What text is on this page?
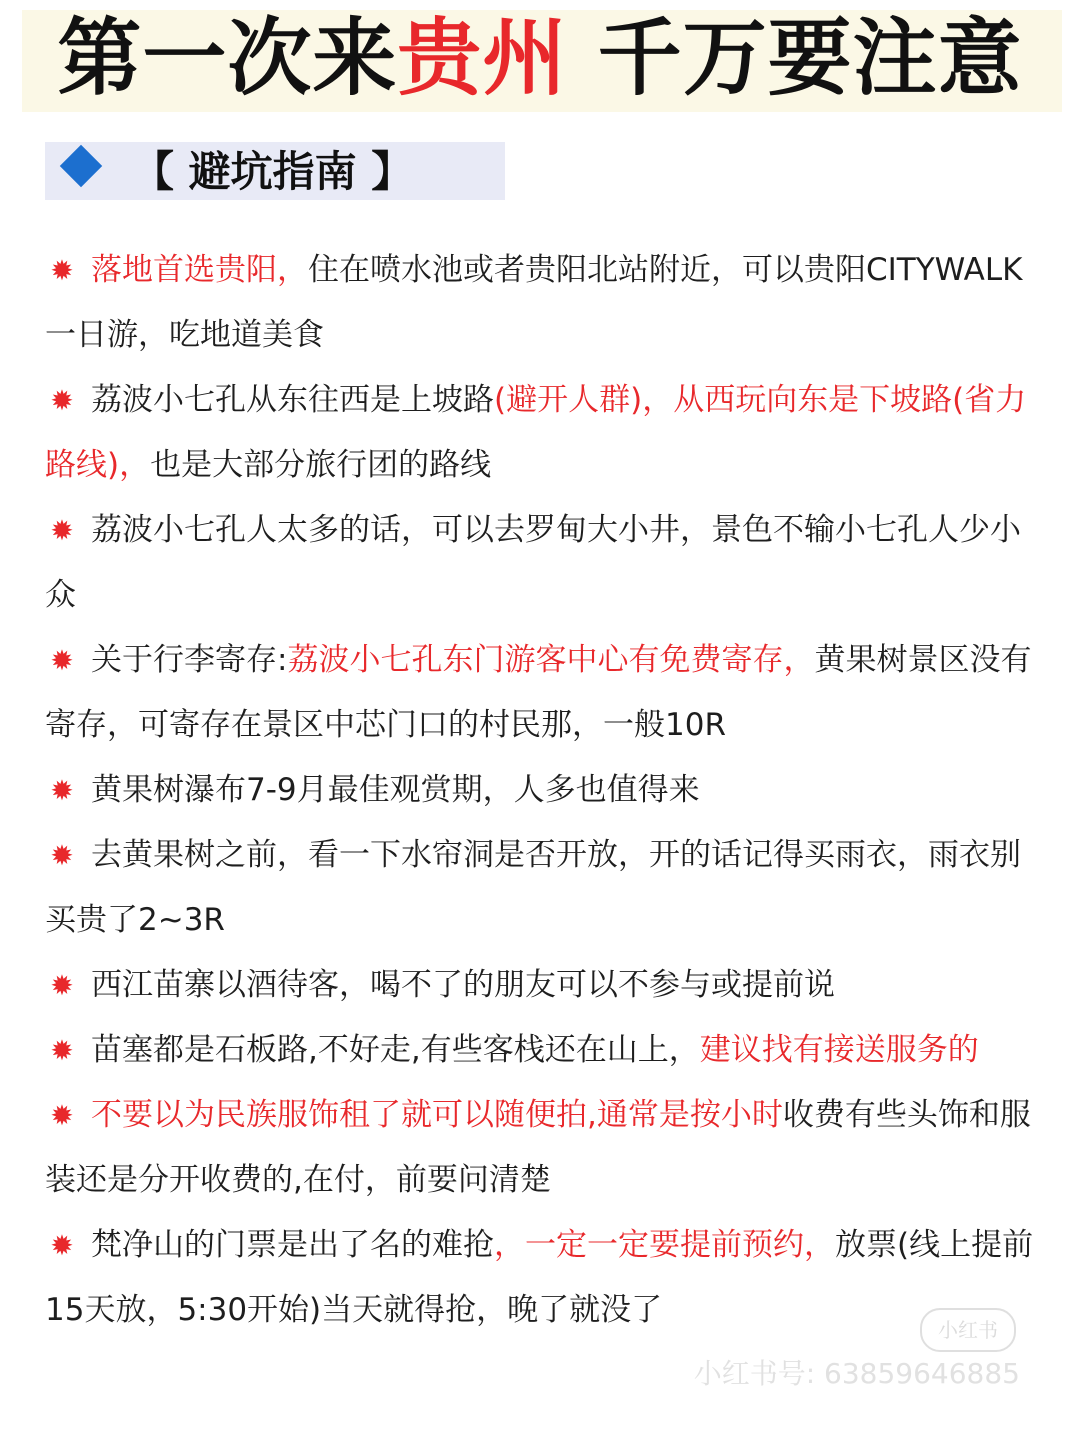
第一次来贵州 千万要注意
【 避坑指南 】

✹ 落地首选贵阳，住在喷水池或者贵阳北站附近，可以贵阳CITYWALK一日游，吃地道美食

✹ 荔波小七孔从东往西是上坡路(避开人群)，从西玩向东是下坡路(省力路线)，也是大部分旅行团的路线

✹ 荔波小七孔人太多的话，可以去罗甸大小井，景色不输小七孔人少小众

✹ 关于行李寄存:荔波小七孔东门游客中心有免费寄存，黄果树景区没有寄存，可寄存在景区中芯门口的村民那，一般10R

✹ 黄果树瀑布7-9月最佳观赏期，人多也值得来

✹ 去黄果树之前，看一下水帘洞是否开放，开的话记得买雨衣，雨衣别买贵了2~3R

✹ 西江苗寨以酒待客，喝不了的朋友可以不参与或提前说

✹ 苗塞都是石板路,不好走,有些客栈还在山上，建议找有接送服务的

✹ 不要以为民族服饰租了就可以随便拍,通常是按小时收费有些头饰和服装还是分开收费的,在付，前要问清楚

✹ 梵净山的门票是出了名的难抢，一定一定要提前预约，放票(线上提前15天放，5:30开始)当天就得抢，晚了就没了

小红书
小红书号: 63859646885
